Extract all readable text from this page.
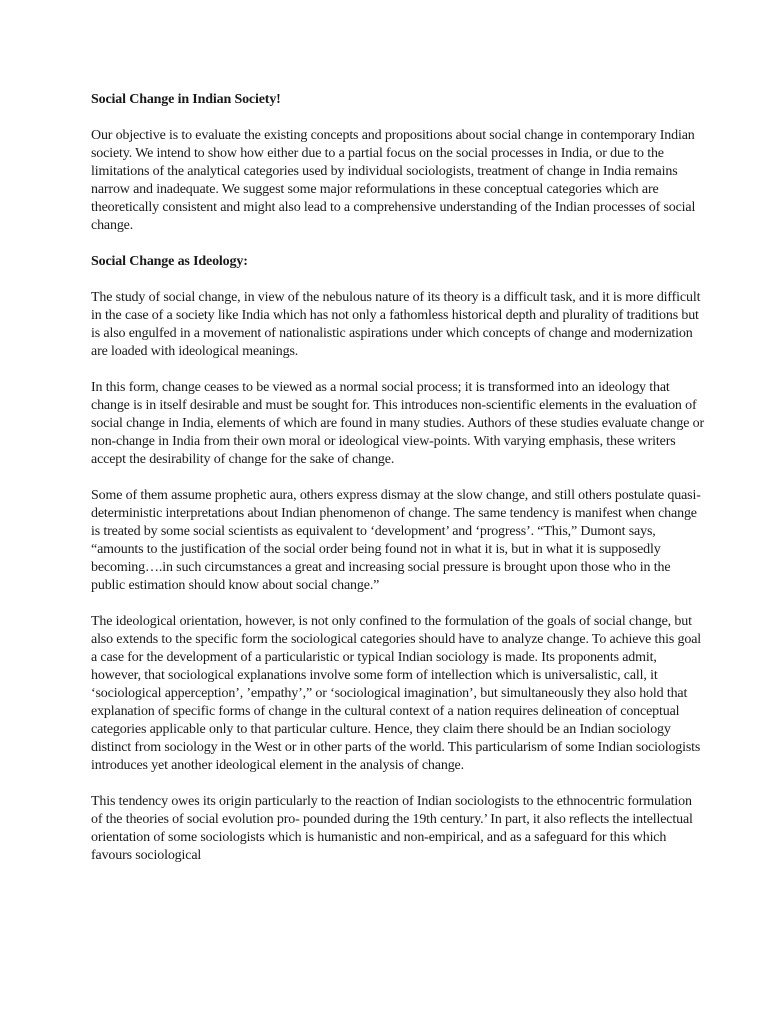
Social Change in Indian Society!

Our objective is to evaluate the existing concepts and propositions about social change in contemporary Indian society. We intend to show how either due to a partial focus on the social processes in India, or due to the limitations of the analytical categories used by individual sociologists, treatment of change in India remains narrow and inadequate. We suggest some major reformulations in these conceptual categories which are theoretically consistent and might also lead to a comprehensive understanding of the Indian processes of social change.

Social Change as Ideology:

The study of social change, in view of the nebulous nature of its theory is a difficult task, and it is more difficult in the case of a society like India which has not only a fathomless historical depth and plurality of traditions but is also engulfed in a movement of nationalistic aspirations under which concepts of change and modernization are loaded with ideological meanings.

In this form, change ceases to be viewed as a normal social process; it is transformed into an ideology that change is in itself desirable and must be sought for. This introduces non-scientific elements in the evaluation of social change in India, elements of which are found in many studies. Authors of these studies evaluate change or non-change in India from their own moral or ideological view-points. With varying emphasis, these writers accept the desirability of change for the sake of change.

Some of them assume prophetic aura, others express dismay at the slow change, and still others postulate quasi-deterministic interpretations about Indian phenomenon of change. The same tendency is manifest when change is treated by some social scientists as equivalent to ‘development’ and ‘progress’. “This,” Dumont says, “amounts to the justification of the social order being found not in what it is, but in what it is supposedly becoming….in such circumstances a great and increasing social pressure is brought upon those who in the public estimation should know about social change.”

The ideological orientation, however, is not only confined to the formulation of the goals of social change, but also extends to the specific form the sociological categories should have to analyze change. To achieve this goal a case for the development of a particularistic or typical Indian sociology is made. Its proponents admit, however, that sociological explanations involve some form of intellection which is universalistic, call, it ‘sociological apperception’, ’empathy’,” or ‘sociological imagination’, but simultaneously they also hold that explanation of specific forms of change in the cultural context of a nation requires delineation of conceptual categories applicable only to that particular culture. Hence, they claim there should be an Indian sociology distinct from sociology in the West or in other parts of the world. This particularism of some Indian sociologists introduces yet another ideological element in the analysis of change.

This tendency owes its origin particularly to the reaction of Indian sociologists to the ethnocentric formulation of the theories of social evolution pro- pounded during the 19th century.’ In part, it also reflects the intellectual orientation of some sociologists which is humanistic and non-empirical, and as a safeguard for this which favours sociological
